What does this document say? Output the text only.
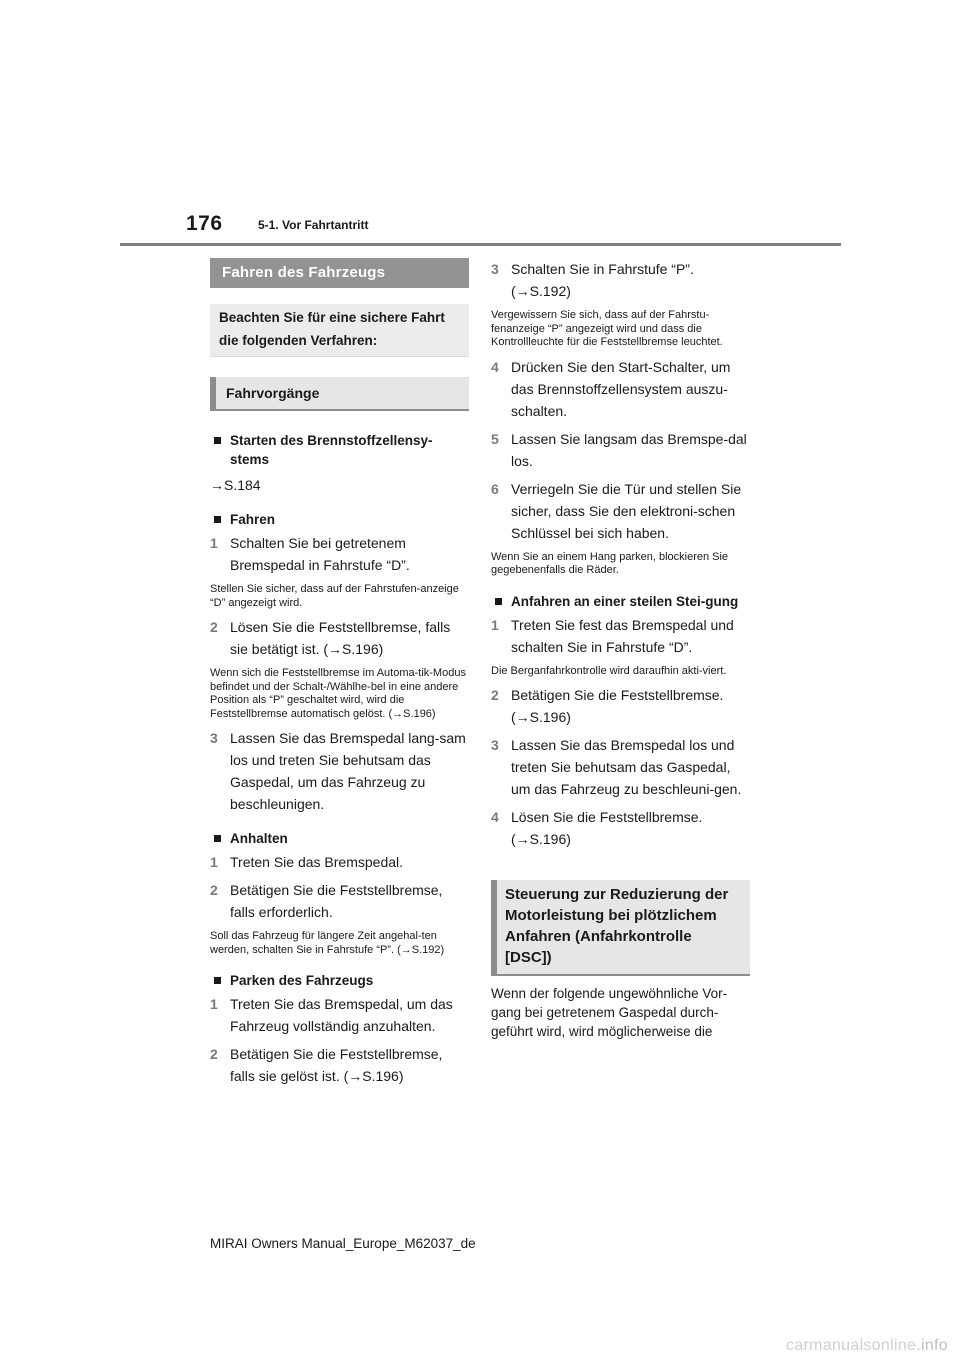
176	5-1. Vor Fahrtantritt
Fahren des Fahrzeugs
Beachten Sie für eine sichere Fahrt die folgenden Verfahren:
Fahrvorgänge
Starten des Brennstoffzellensy-stems
→S.184
Fahren
1 Schalten Sie bei getretenem Bremspedal in Fahrstufe “D”.
Stellen Sie sicher, dass auf der Fahrstufen-anzeige “D” angezeigt wird.
2 Lösen Sie die Feststellbremse, falls sie betätigt ist. (→S.196)
Wenn sich die Feststellbremse im Automa-tik-Modus befindet und der Schalt-/Wählhe-bel in eine andere Position als “P” geschaltet wird, wird die Feststellbremse automatisch gelöst. (→S.196)
3 Lassen Sie das Bremspedal lang-sam los und treten Sie behutsam das Gaspedal, um das Fahrzeug zu beschleunigen.
Anhalten
1 Treten Sie das Bremspedal.
2 Betätigen Sie die Feststellbremse, falls erforderlich.
Soll das Fahrzeug für längere Zeit angehal-ten werden, schalten Sie in Fahrstufe “P”. (→S.192)
Parken des Fahrzeugs
1 Treten Sie das Bremspedal, um das Fahrzeug vollständig anzuhalten.
2 Betätigen Sie die Feststellbremse, falls sie gelöst ist. (→S.196)
3 Schalten Sie in Fahrstufe “P”. (→S.192)
Vergewissern Sie sich, dass auf der Fahrstu-fenanzeige “P” angezeigt wird und dass die Kontrollleuchte für die Feststellbremse leuchtet.
4 Drücken Sie den Start-Schalter, um das Brennstoffzellensystem auszu-schalten.
5 Lassen Sie langsam das Bremspe-dal los.
6 Verriegeln Sie die Tür und stellen Sie sicher, dass Sie den elektroni-schen Schlüssel bei sich haben.
Wenn Sie an einem Hang parken, blockieren Sie gegebenenfalls die Räder.
Anfahren an einer steilen Stei-gung
1 Treten Sie fest das Bremspedal und schalten Sie in Fahrstufe “D”.
Die Berganfahrkontrolle wird daraufhin akti-viert.
2 Betätigen Sie die Feststellbremse. (→S.196)
3 Lassen Sie das Bremspedal los und treten Sie behutsam das Gaspedal, um das Fahrzeug zu beschleuni-gen.
4 Lösen Sie die Feststellbremse. (→S.196)
Steuerung zur Reduzierung der Motorleistung bei plötzlichem Anfahren (Anfahrkontrolle [DSC])
Wenn der folgende ungewöhnliche Vor-gang bei getretenem Gaspedal durch-geführt wird, wird möglicherweise die
MIRAI Owners Manual_Europe_M62037_de
carmanualsonline.info
